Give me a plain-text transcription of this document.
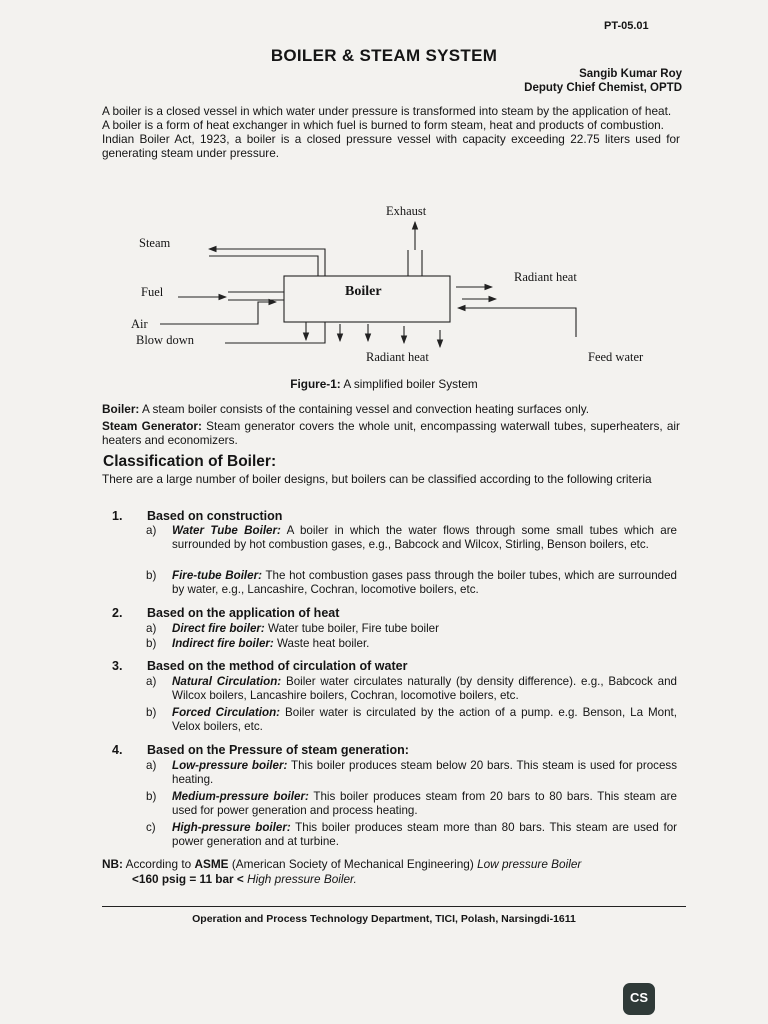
PT-05.01
BOILER & STEAM SYSTEM
Sangib Kumar Roy
Deputy Chief Chemist, OPTD
A boiler is a closed vessel in which water under pressure is transformed into steam by the application of heat.
A boiler is a form of heat exchanger in which fuel is burned to form steam, heat and products of combustion.
Indian Boiler Act, 1923, a boiler is a closed pressure vessel with capacity exceeding 22.75 liters used for generating steam under pressure.
Exhaust
Steam
Fuel
Air
Blow down
Boiler
Radiant heat
Radiant heat	Feed water
Figure-1: A simplified boiler System
Boiler: A steam boiler consists of the containing vessel and convection heating surfaces only.
Steam Generator: Steam generator covers the whole unit, encompassing waterwall tubes, superheaters, air heaters and economizers.
Classification of Boiler:
There are a large number of boiler designs, but boilers can be classified according to the following criteria
1. Based on construction
a) Water Tube Boiler: A boiler in which the water flows through some small tubes which are surrounded by hot combustion gases, e.g., Babcock and Wilcox, Stirling, Benson boilers, etc.
b) Fire-tube Boiler: The hot combustion gases pass through the boiler tubes, which are surrounded by water, e.g., Lancashire, Cochran, locomotive boilers, etc.
2. Based on the application of heat
a) Direct fire boiler: Water tube boiler, Fire tube boiler
b) Indirect fire boiler: Waste heat boiler.
3. Based on the method of circulation of water
a) Natural Circulation: Boiler water circulates naturally (by density difference). e.g., Babcock and Wilcox boilers, Lancashire boilers, Cochran, locomotive boilers, etc.
b) Forced Circulation: Boiler water is circulated by the action of a pump. e.g. Benson, La Mont, Velox boilers, etc.
4. Based on the Pressure of steam generation:
a) Low-pressure boiler: This boiler produces steam below 20 bars. This steam is used for process heating.
b) Medium-pressure boiler: This boiler produces steam from 20 bars to 80 bars. This steam are used for power generation and process heating.
c) High-pressure boiler: This boiler produces steam more than 80 bars. This steam are used for power generation and at turbine.
NB: According to ASME (American Society of Mechanical Engineering) Low pressure Boiler
<160 psig = 11 bar < High pressure Boiler.
Operation and Process Technology Department, TICI, Polash, Narsingdi-1611
CS
